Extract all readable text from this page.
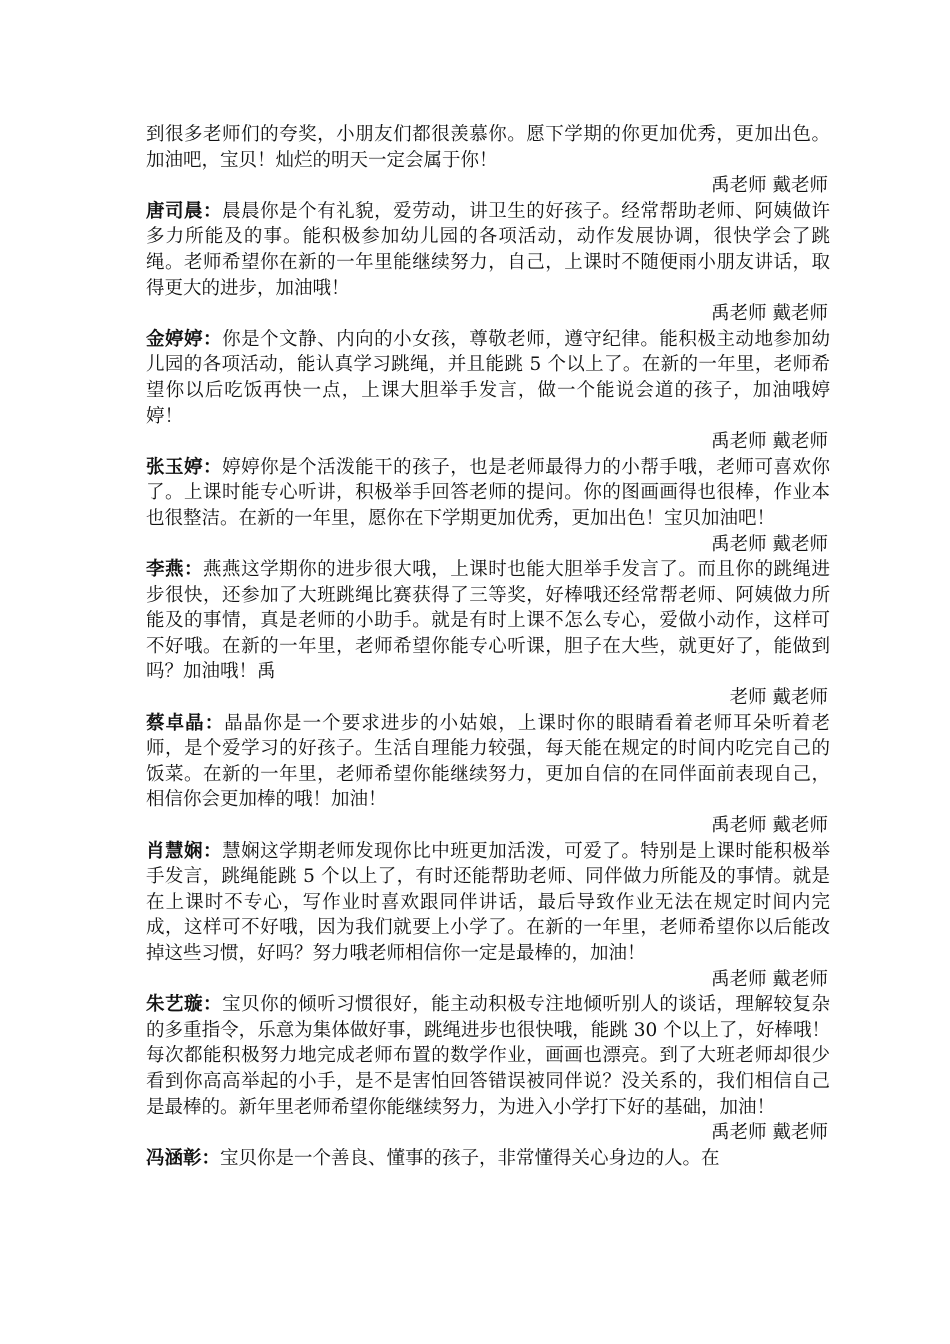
到很多老师们的夸奖，小朋友们都很羡慕你。愿下学期的你更加优秀，更加出色。加油吧，宝贝！灿烂的明天一定会属于你！

禹老师 戴老师

唐司晨：晨晨你是个有礼貌，爱劳动，讲卫生的好孩子。经常帮助老师、阿姨做许多力所能及的事。能积极参加幼儿园的各项活动，动作发展协调，很快学会了跳绳。老师希望你在新的一年里能继续努力，自己，上课时不随便雨小朋友讲话，取得更大的进步，加油哦！

禹老师 戴老师

金婷婷：你是个文静、内向的小女孩，尊敬老师，遵守纪律。能积极主动地参加幼儿园的各项活动，能认真学习跳绳，并且能跳 5 个以上了。在新的一年里，老师希望你以后吃饭再快一点，上课大胆举手发言，做一个能说会道的孩子，加油哦婷婷！

禹老师 戴老师

张玉婷：婷婷你是个活泼能干的孩子，也是老师最得力的小帮手哦，老师可喜欢你了。上课时能专心听讲，积极举手回答老师的提问。你的图画画得也很棒，作业本也很整洁。在新的一年里，愿你在下学期更加优秀，更加出色！宝贝加油吧！

禹老师 戴老师

李燕：燕燕这学期你的进步很大哦，上课时也能大胆举手发言了。而且你的跳绳进步很快，还参加了大班跳绳比赛获得了三等奖，好棒哦还经常帮老师、阿姨做力所能及的事情，真是老师的小助手。就是有时上课不怎么专心，爱做小动作，这样可不好哦。在新的一年里，老师希望你能专心听课，胆子在大些，就更好了，能做到吗？加油哦！禹

老师 戴老师

蔡卓晶：晶晶你是一个要求进步的小姑娘，上课时你的眼睛看着老师耳朵听着老师，是个爱学习的好孩子。生活自理能力较强，每天能在规定的时间内吃完自己的饭菜。在新的一年里，老师希望你能继续努力，更加自信的在同伴面前表现自己，相信你会更加棒的哦！加油！

禹老师 戴老师

肖慧娴：慧娴这学期老师发现你比中班更加活泼，可爱了。特别是上课时能积极举手发言，跳绳能跳 5 个以上了，有时还能帮助老师、同伴做力所能及的事情。就是在上课时不专心，写作业时喜欢跟同伴讲话，最后导致作业无法在规定时间内完成，这样可不好哦，因为我们就要上小学了。在新的一年里，老师希望你以后能改掉这些习惯，好吗？努力哦老师相信你一定是最棒的，加油！

禹老师 戴老师

朱艺璇：宝贝你的倾听习惯很好，能主动积极专注地倾听别人的谈话，理解较复杂的多重指令，乐意为集体做好事，跳绳进步也很快哦，能跳 30 个以上了，好棒哦！每次都能积极努力地完成老师布置的数学作业，画画也漂亮。到了大班老师却很少看到你高高举起的小手，是不是害怕回答错误被同伴说？没关系的，我们相信自己是最棒的。新年里老师希望你能继续努力，为进入小学打下好的基础，加油！

禹老师 戴老师

冯涵彰：宝贝你是一个善良、懂事的孩子，非常懂得关心身边的人。在
